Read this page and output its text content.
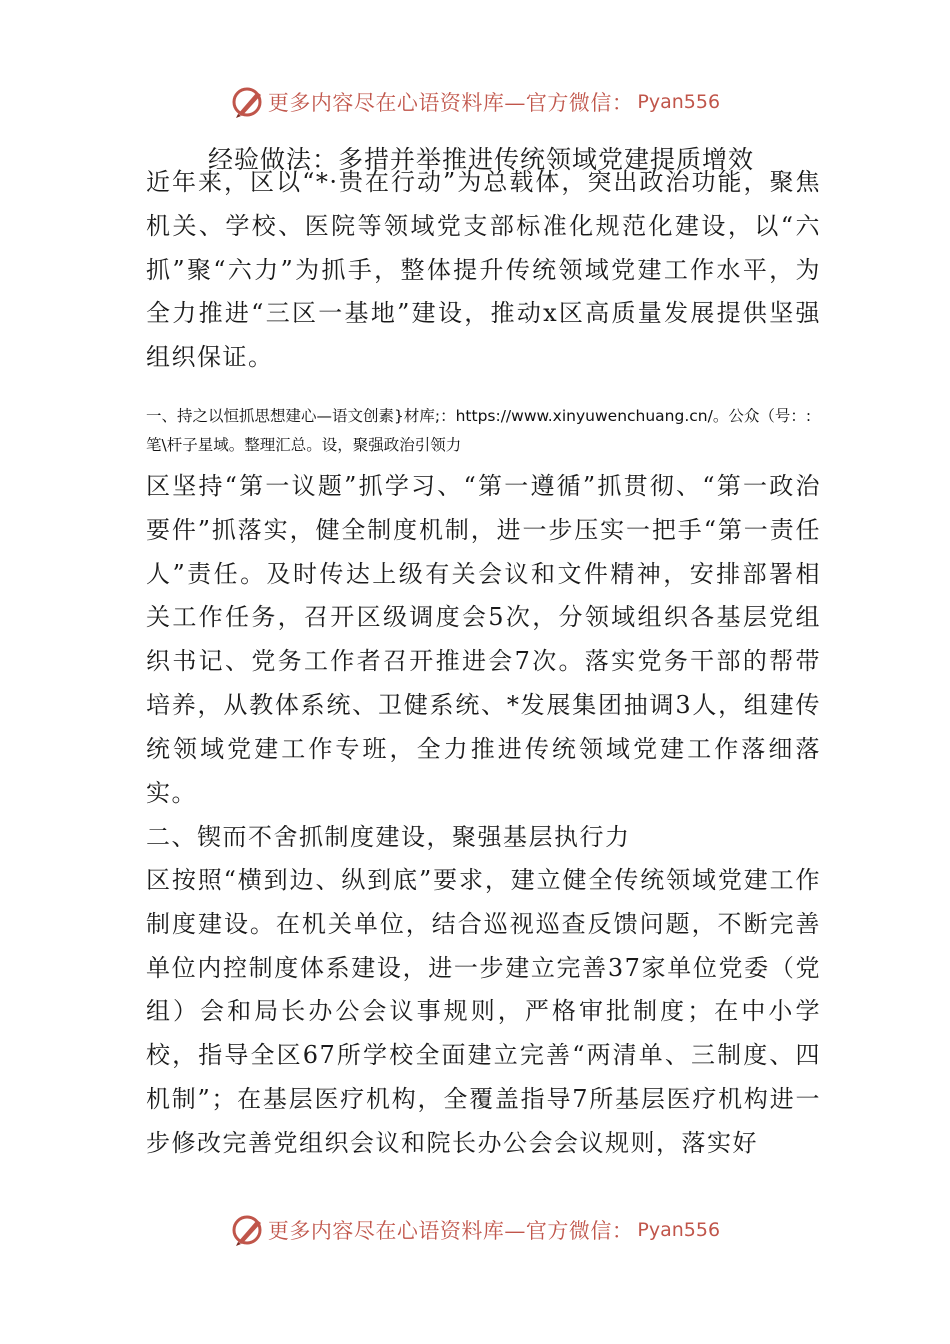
更多内容尽在心语资料库—官方微信： Pyan556
经验做法：多措并举推进传统领域党建提质增效
近年来，区以“*·贵在行动”为总载体，突出政治功能，聚焦机关、学校、医院等领域党支部标准化规范化建设，以“六抓”聚“六力”为抓手，整体提升传统领域党建工作水平，为全力推进“三区一基地”建设，推动x区高质量发展提供坚强组织保证。
一、持之以恒抓思想建心—语文创素}材库;：https://www.xinyuwenchuang.cn/。公众（号：:笔\杆子星域。整理汇总。设，聚强政治引领力
区坚持“第一议题”抓学习、“第一遵循”抓贯彻、“第一政治要件”抓落实，健全制度机制，进一步压实一把手“第一责任人”责任。及时传达上级有关会议和文件精神，安排部署相关工作任务，召开区级调度会5次，分领域组织各基层党组织书记、党务工作者召开推进会7次。落实党务干部的帮带培养，从教体系统、卫健系统、*发展集团抽调3人，组建传统领域党建工作专班，全力推进传统领域党建工作落细落实。
二、锲而不舍抓制度建设，聚强基层执行力
区按照“横到边、纵到底”要求，建立健全传统领域党建工作制度建设。在机关单位，结合巡视巡查反馈问题，不断完善单位内控制度体系建设，进一步建立完善37家单位党委（党组）会和局长办公会议事规则，严格审批制度；在中小学校，指导全区67所学校全面建立完善“两清单、三制度、四机制”；在基层医疗机构，全覆盖指导7所基层医疗机构进一步修改完善党组织会议和院长办公会会议规则，落实好
更多内容尽在心语资料库—官方微信： Pyan556
